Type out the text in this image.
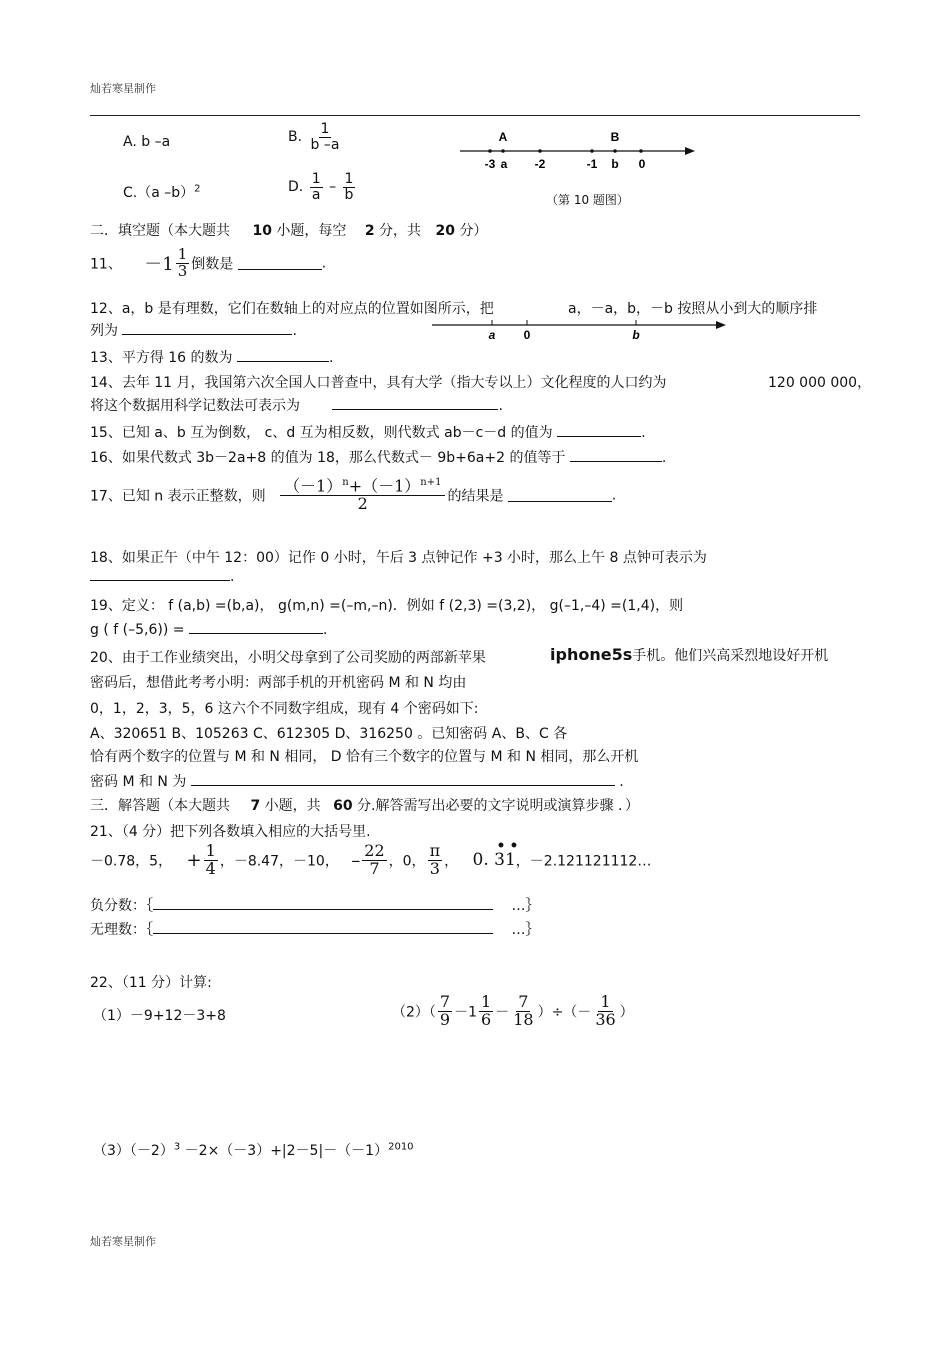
灿若寒星制作
A. b –a	B. $\frac{1}{b -a}$
C.（a –b）$^2$	D. $\frac{1}{a} - \frac{1}{b}$
A	B
-3 a -2	-1 b 0
（第 10 题图）
二．填空题（本大题共 10 小题，每空 2 分，共 20 分）
11、 $-1 \frac{1}{3}$ 倒数是	.
12、a，b 是有理数，它们在数轴上的对应点的位置如图所示，把	a，－a，b，－b 按照从小到大的顺序排
列为	.	a 0	b
13、平方得 16 的数为	.
14、去年 11 月，我国第六次全国人口普查中，具有大学（指大专以上）文化程度的人口约为	120 000 000，
将这个数据用科学记数法可表示为	.
15、已知 a、b 互为倒数， c、d 互为相反数，则代数式 ab－c－d 的值为	.
16、如果代数式 3b－2a+8 的值为 18，那么代数式－ 9b+6a+2 的值等于	.
17、已知 n 表示正整数，则 $\frac{(-1)^n+(-1)^{n+1}}{2}$ 的结果是	.
18、如果正午（中午 12：00）记作 0 小时，午后 3 点钟记作 +3 小时，那么上午 8 点钟可表示为
.
19、定义： f (a,b) =(b,a)， g(m,n) =(–m,–n)．例如 f (2,3) =(3,2)， g(–1,–4) =(1,4)，则
g ( f (–5,6)) =	.
20、由于工作业绩突出，小明父母拿到了公司奖励的两部新苹果	iphone5s手机。他们兴高采烈地设好开机
密码后，想借此考考小明：两部手机的开机密码 M 和 N 均由
0，1，2，3，5，6 这六个不同数字组成，现有 4 个密码如下:
A、320651 B、105263 C、612305 D、316250 。已知密码 A、B、C 各
恰有两个数字的位置与 M 和 N 相同， D 恰有三个数字的位置与 M 和 N 相同，那么开机
密码 M 和 N 为	.
三．解答题（本大题共 7 小题，共 60 分.解答需写出必要的文字说明或演算步骤 ．）
21、（4 分）把下列各数填入相应的大括号里.
－0.78，5， + $\frac{1}{4}$ ，－8.47，－10， – $\frac{22}{7}$ ，0， $\frac{\pi}{3}$ ，
••
0. 31，－2.121121112…
负分数：｛	…｝
无理数：｛	…｝
22、（11 分）计算:
（1）－9+12－3+8	$(2)( \frac{7}{9} -1 \frac{1}{6} - \frac{7}{18}$ ）÷（－ $\frac{1}{36}$ ）
$(3)(-2)^3 -2\times(-3)+|2-5|-(-1)^{2010}$
灿若寒星制作
